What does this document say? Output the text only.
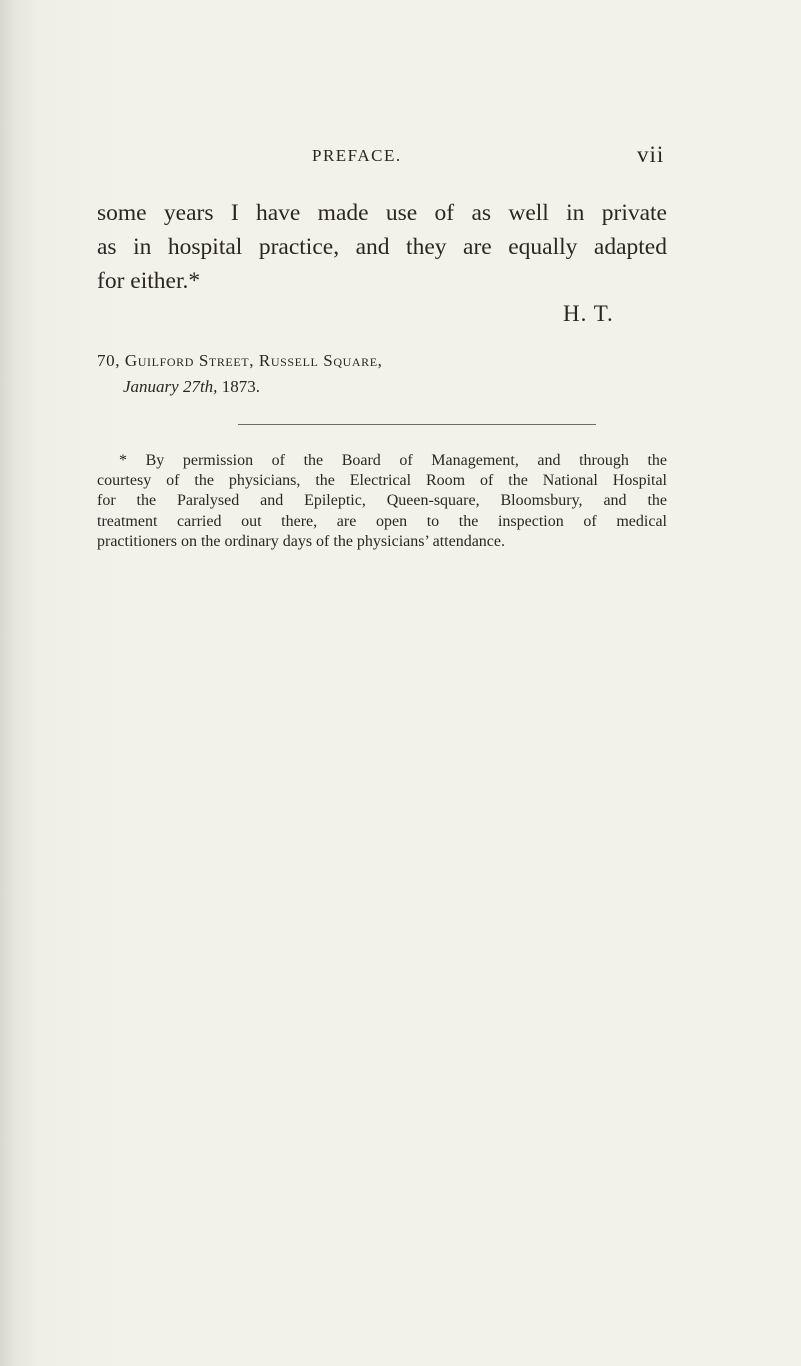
PREFACE.	vii
some years I have made use of as well in private
as in hospital practice, and they are equally adapted
for either.*
H. T.
70, Guilford Street, Russell Square,
January 27th, 1873.
* By permission of the Board of Management, and through the
courtesy of the physicians, the Electrical Room of the National Hospital
for the Paralysed and Epileptic, Queen-square, Bloomsbury, and the
treatment carried out there, are open to the inspection of medical
practitioners on the ordinary days of the physicians’ attendance.
